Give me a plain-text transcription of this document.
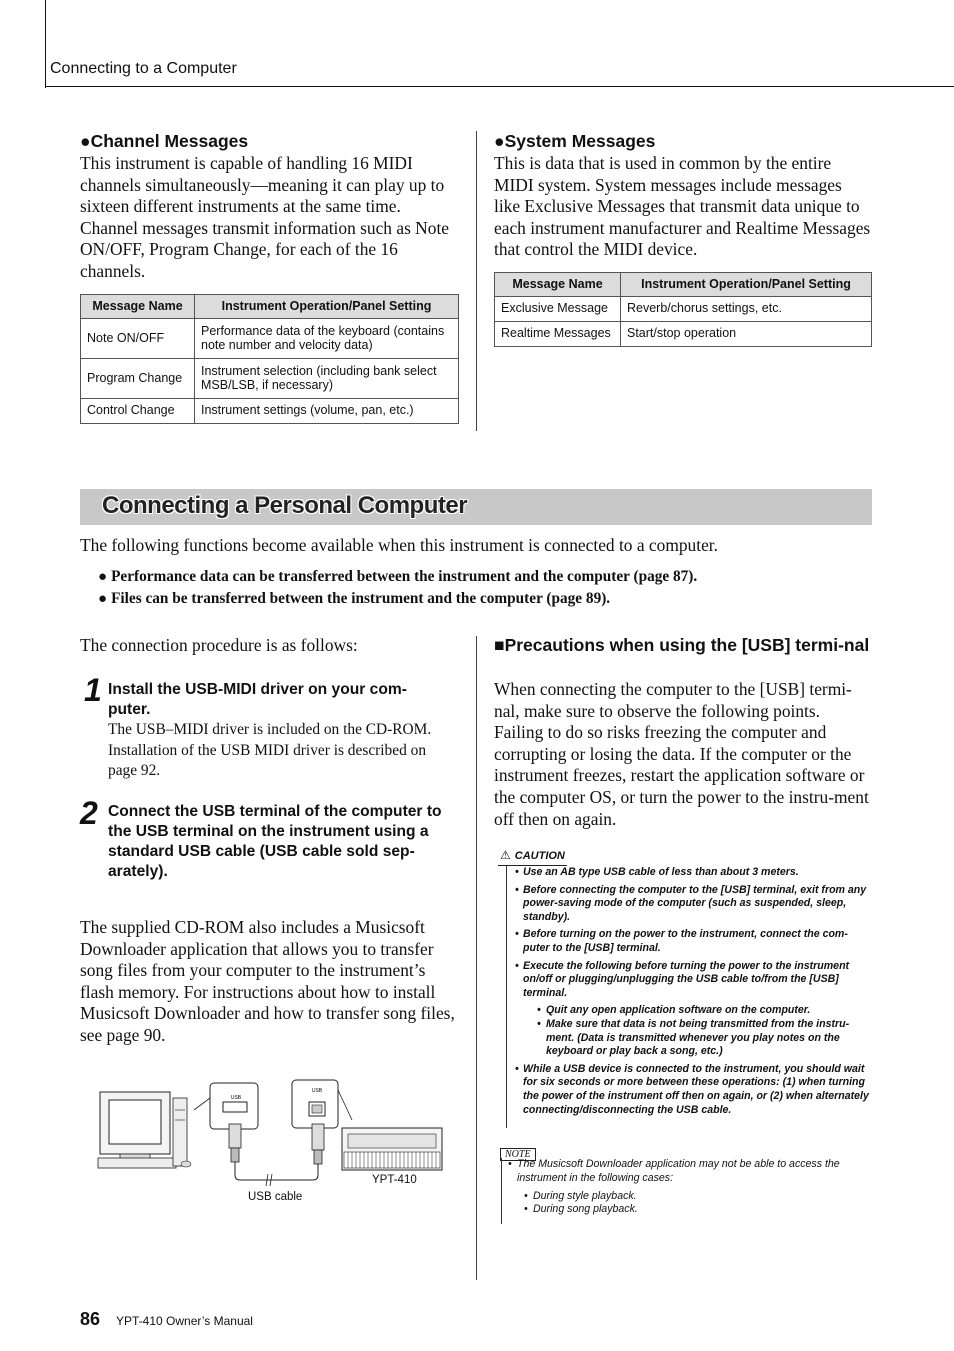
Connecting to a Computer
●Channel Messages
This instrument is capable of handling 16 MIDI channels simultaneously—meaning it can play up to sixteen different instruments at the same time. Channel messages transmit information such as Note ON/OFF, Program Change, for each of the 16 channels.
Message Name	Instrument Operation/Panel Setting
Note ON/OFF	Performance data of the keyboard (contains note number and velocity data)
Program Change	Instrument selection (including bank select MSB/LSB, if necessary)
Control Change	Instrument settings (volume, pan, etc.)
●System Messages
This is data that is used in common by the entire MIDI system. System messages include messages like Exclusive Messages that transmit data unique to each instrument manufacturer and Realtime Messages that control the MIDI device.
Message Name	Instrument Operation/Panel Setting
Exclusive Message	Reverb/chorus settings, etc.
Realtime Messages	Start/stop operation
Connecting a Personal Computer
The following functions become available when this instrument is connected to a computer.
● Performance data can be transferred between the instrument and the computer (page 87).
● Files can be transferred between the instrument and the computer (page 89).
The connection procedure is as follows:
1 Install the USB-MIDI driver on your com-puter.
The USB–MIDI driver is included on the CD-ROM. Installation of the USB MIDI driver is described on page 92.
2 Connect the USB terminal of the computer to the USB terminal on the instrument using a standard USB cable (USB cable sold sep-arately).
The supplied CD-ROM also includes a Musicsoft Downloader application that allows you to transfer song files from your computer to the instrument’s flash memory. For instructions about how to install Musicsoft Downloader and how to transfer song files, see page 90.
USB
USB
USB cable
YPT-410
■Precautions when using the [USB] termi-nal
When connecting the computer to the [USB] termi-nal, make sure to observe the following points. Failing to do so risks freezing the computer and corrupting or losing the data. If the computer or the instrument freezes, restart the application software or the computer OS, or turn the power to the instru-ment off then on again.
⚠ CAUTION
• Use an AB type USB cable of less than about 3 meters.
• Before connecting the computer to the [USB] terminal, exit from any power-saving mode of the computer (such as suspended, sleep, standby).
• Before turning on the power to the instrument, connect the com-puter to the [USB] terminal.
• Execute the following before turning the power to the instrument on/off or plugging/unplugging the USB cable to/from the [USB] terminal.
• Quit any open application software on the computer.
• Make sure that data is not being transmitted from the instru-ment. (Data is transmitted whenever you play notes on the keyboard or play back a song, etc.)
• While a USB device is connected to the instrument, you should wait for six seconds or more between these operations: (1) when turning the power of the instrument off then on again, or (2) when alternately connecting/disconnecting the USB cable.
NOTE
• The Musicsoft Downloader application may not be able to access the instrument in the following cases:
• During style playback.
• During song playback.
86 YPT-410 Owner’s Manual
